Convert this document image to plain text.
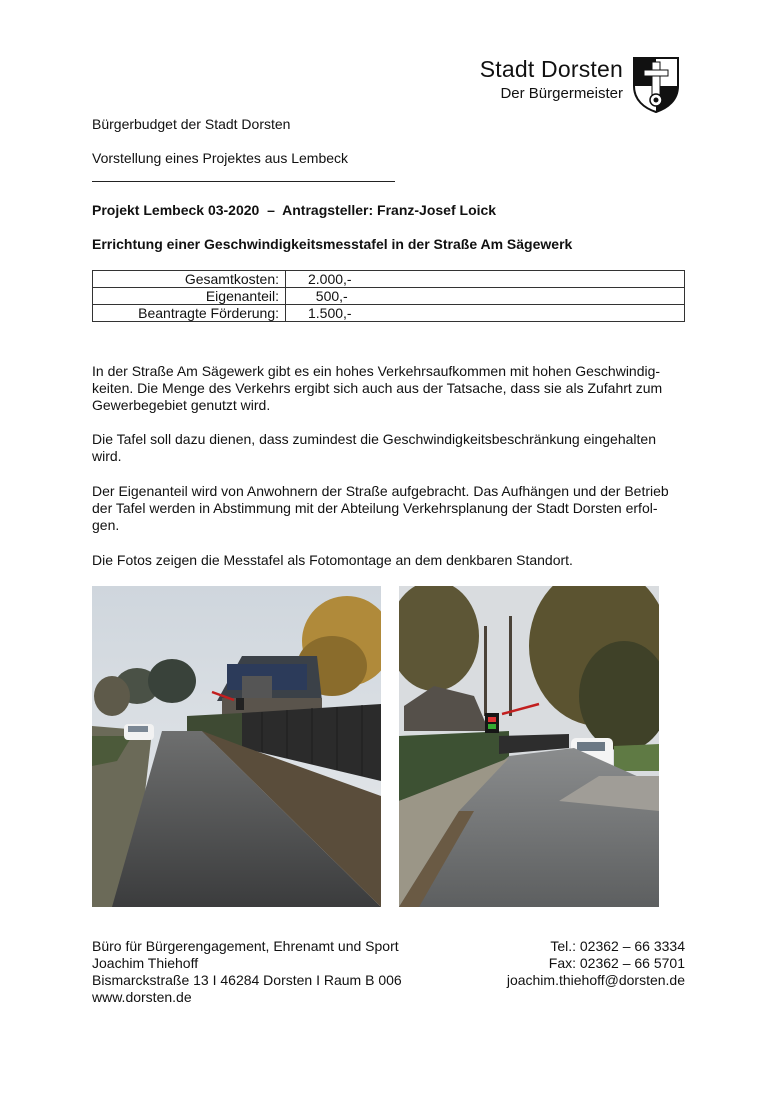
Stadt Dorsten
Der Bürgermeister
Bürgerbudget der Stadt Dorsten
Vorstellung eines Projektes aus Lembeck
Projekt Lembeck 03-2020  –  Antragsteller: Franz-Josef Loick
Errichtung einer Geschwindigkeitsmesstafel in der Straße Am Sägewerk
Gesamtkosten:	2.000,-
Eigenanteil:	500,-
Beantragte Förderung:	1.500,-
In der Straße Am Sägewerk gibt es ein hohes Verkehrsaufkommen mit hohen Geschwindig-
keiten. Die Menge des Verkehrs ergibt sich auch aus der Tatsache, dass sie als Zufahrt zum
Gewerbegebiet genutzt wird.
Die Tafel soll dazu dienen, dass zumindest die Geschwindigkeitsbeschränkung eingehalten
wird.
Der Eigenanteil wird von Anwohnern der Straße aufgebracht. Das Aufhängen und der Betrieb
der Tafel werden in Abstimmung mit der Abteilung Verkehrsplanung der Stadt Dorsten erfol-
gen.
Die Fotos zeigen die Messtafel als Fotomontage an dem denkbaren Standort.
Büro für Bürgerengagement, Ehrenamt und Sport
Joachim Thiehoff
Bismarckstraße 13 I 46284 Dorsten I Raum B 006
www.dorsten.de
Tel.: 02362 – 66 3334
Fax: 02362 – 66 5701
joachim.thiehoff@dorsten.de
